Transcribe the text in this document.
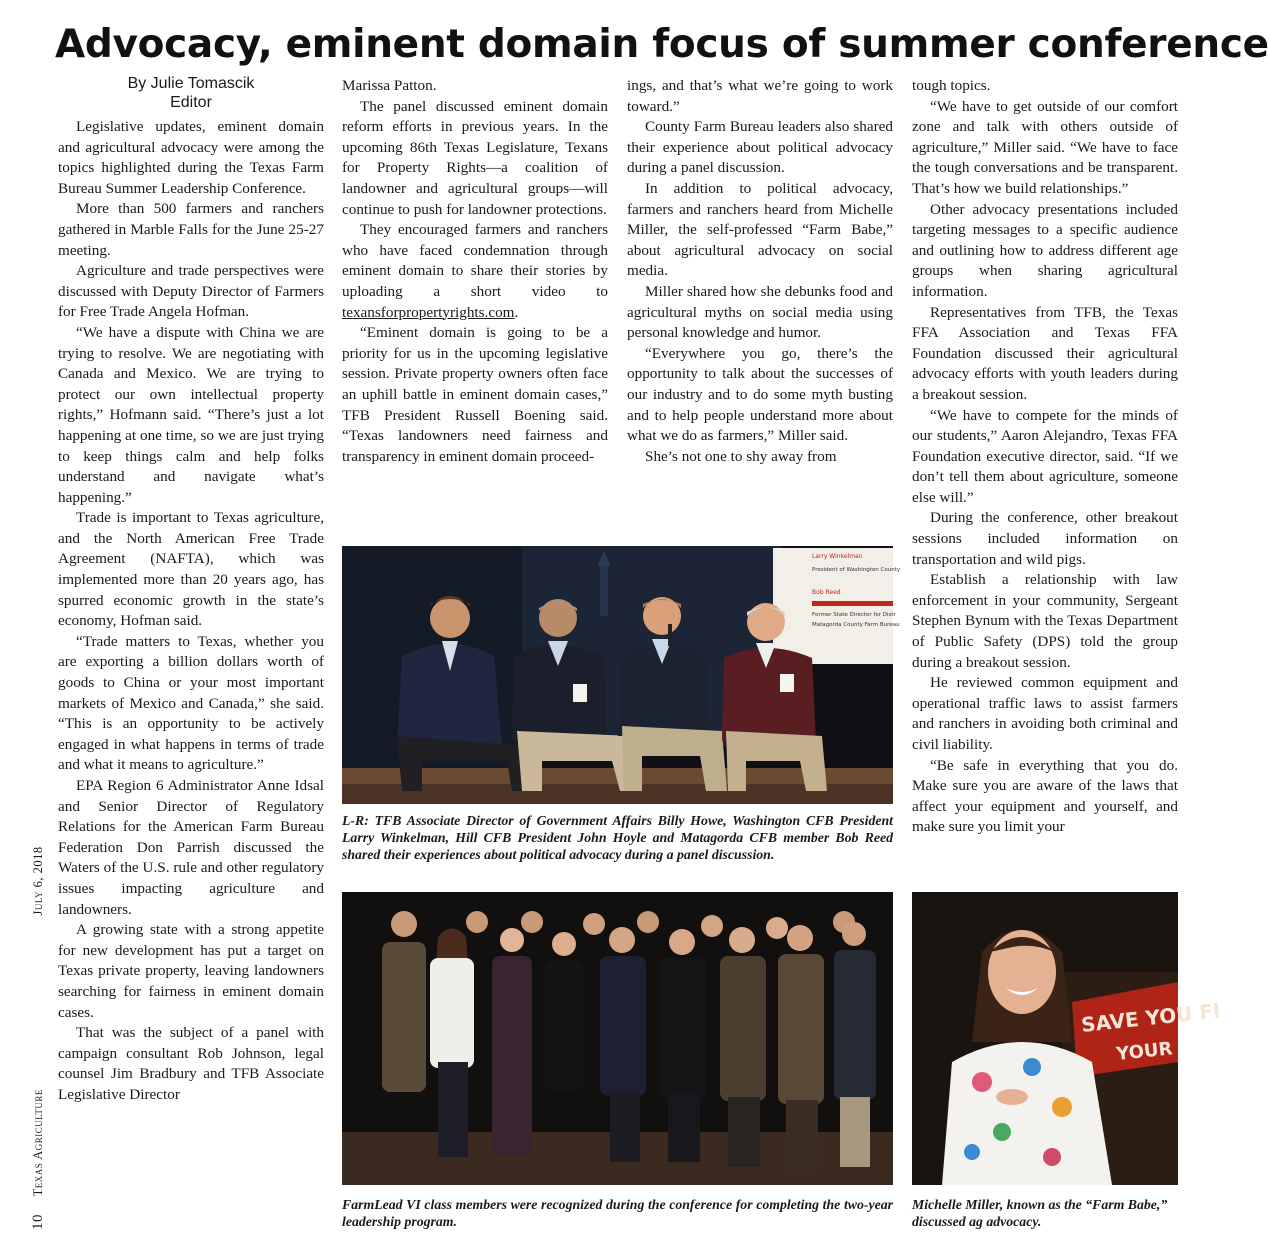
Advocacy, eminent domain focus of summer conference
By Julie Tomascik
Editor
10 Texas Agriculture July 6, 2018

Legislative updates, eminent domain and agricultural advocacy were among the topics highlighted during the Texas Farm Bureau Summer Leadership Conference.

More than 500 farmers and ranchers gathered in Marble Falls for the June 25-27 meeting.

Agriculture and trade perspectives were discussed with Deputy Director of Farmers for Free Trade Angela Hofman.

“We have a dispute with China we are trying to resolve. We are negotiating with Canada and Mexico. We are trying to protect our own intellectual property rights,” Hofmann said. “There’s just a lot happening at one time, so we are just trying to keep things calm and help folks understand and navigate what’s happening.”

Trade is important to Texas agriculture, and the North American Free Trade Agreement (NAFTA), which was implemented more than 20 years ago, has spurred economic growth in the state’s economy, Hofman said.

“Trade matters to Texas, whether you are exporting a billion dollars worth of goods to China or your most important markets of Mexico and Canada,” she said. “This is an opportunity to be actively engaged in what happens in terms of trade and what it means to agriculture.”

EPA Region 6 Administrator Anne Idsal and Senior Director of Regulatory Relations for the American Farm Bureau Federation Don Parrish discussed the Waters of the U.S. rule and other regulatory issues impacting agriculture and landowners.

A growing state with a strong appetite for new development has put a target on Texas private property, leaving landowners searching for fairness in eminent domain cases.

That was the subject of a panel with campaign consultant Rob Johnson, legal counsel Jim Bradbury and TFB Associate Legislative Director

Marissa Patton.

The panel discussed eminent domain reform efforts in previous years. In the upcoming 86th Texas Legislature, Texans for Property Rights—a coalition of landowner and agricultural groups—will continue to push for landowner protections.

They encouraged farmers and ranchers who have faced condemnation through eminent domain to share their stories by uploading a short video to texansforpropertyrights.com.

“Eminent domain is going to be a priority for us in the upcoming legislative session. Private property owners often face an uphill battle in eminent domain cases,” TFB President Russell Boening said. “Texas landowners need fairness and transparency in eminent domain proceed-

ings, and that’s what we’re going to work toward.”

County Farm Bureau leaders also shared their experience about political advocacy during a panel discussion.

In addition to political advocacy, farmers and ranchers heard from Michelle Miller, the self-professed “Farm Babe,” about agricultural advocacy on social media.

Miller shared how she debunks food and agricultural myths on social media using personal knowledge and humor.

“Everywhere you go, there’s the opportunity to talk about the successes of our industry and to do some myth busting and to help people understand more about what we do as farmers,” Miller said.

She’s not one to shy away from

tough topics.

“We have to get outside of our comfort zone and talk with others outside of agriculture,” Miller said. “We have to face the tough conversations and be transparent. That’s how we build relationships.”

Other advocacy presentations included targeting messages to a specific audience and outlining how to address different age groups when sharing agricultural information.

Representatives from TFB, the Texas FFA Association and Texas FFA Foundation discussed their agricultural advocacy efforts with youth leaders during a breakout session.

“We have to compete for the minds of our students,” Aaron Alejandro, Texas FFA Foundation executive director, said. “If we don’t tell them about agriculture, someone else will.”

During the conference, other breakout sessions included information on transportation and wild pigs.

Establish a relationship with law enforcement in your community, Sergeant Stephen Bynum with the Texas Department of Public Safety (DPS) told the group during a breakout session.

He reviewed common equipment and operational traffic laws to assist farmers and ranchers in avoiding both criminal and civil liability.

“Be safe in everything that you do. Make sure you are aware of the laws that affect your equipment and yourself, and make sure you limit your

Larry Winkelman
President of Washington County
Bob Reed
Former State Director for Distr
Matagorda County Farm Bureau
L-R: TFB Associate Director of Government Affairs Billy Howe, Washington CFB President Larry Winkelman, Hill CFB President John Hoyle and Matagorda CFB member Bob Reed shared their experiences about political advocacy during a panel discussion.
FarmLead VI class members were recognized during the conference for completing the two-year leadership program.
SAVE YOU FI
YOUR
Michelle Miller, known as the “Farm Babe,” discussed ag advocacy.
